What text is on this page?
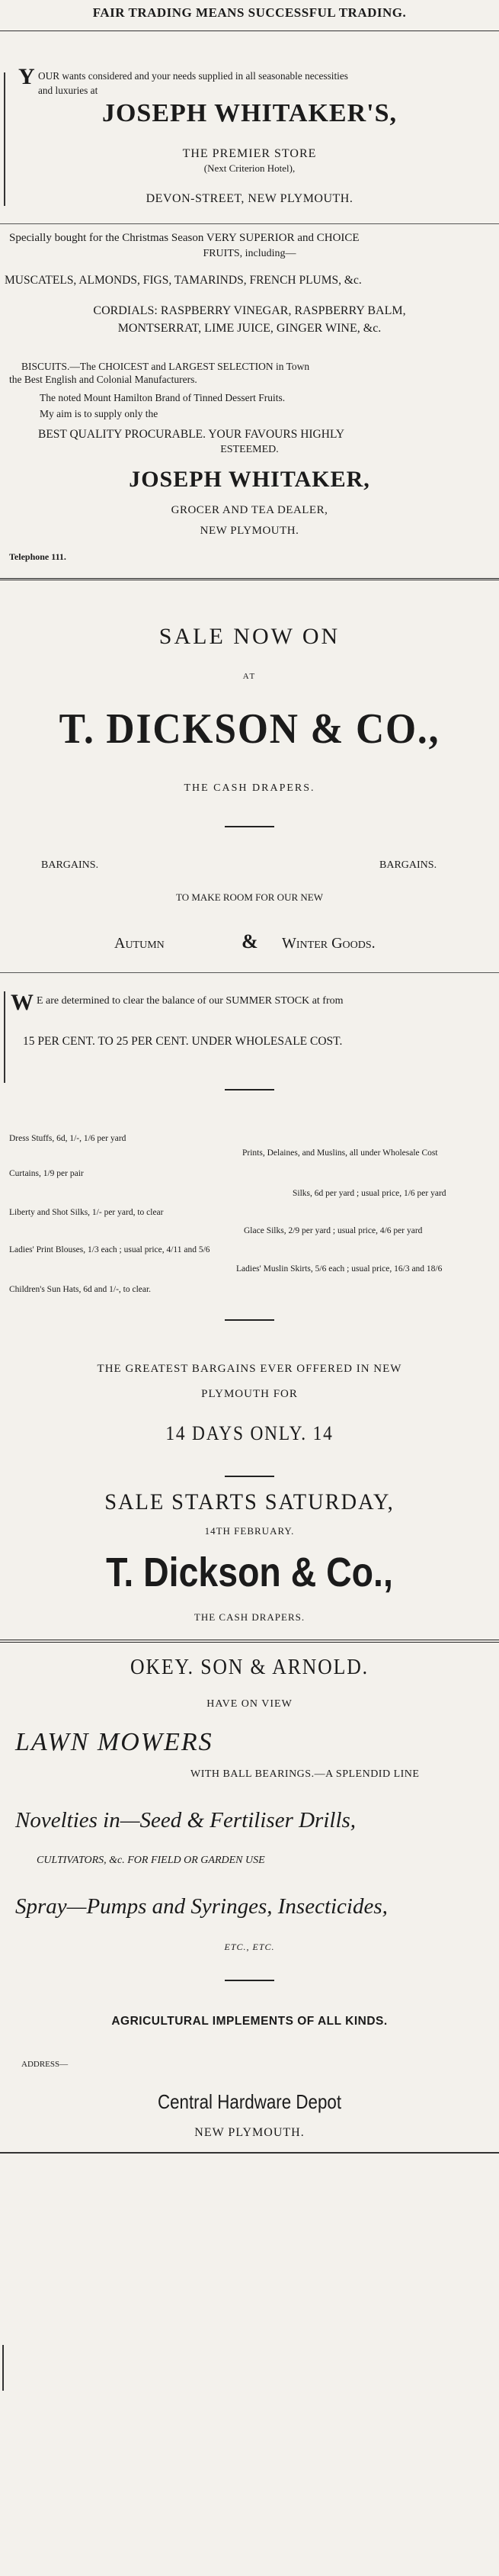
FAIR TRADING MEANS SUCCESSFUL TRADING.
Y OUR wants considered and your needs supplied in all seasonable necessities
and luxuries at
JOSEPH WHITAKER'S,
THE PREMIER STORE
(Next Criterion Hotel),
DEVON-STREET, NEW PLYMOUTH.
Specially bought for the Christmas Season VERY SUPERIOR and CHOICE
FRUITS, including—
MUSCATELS, ALMONDS, FIGS, TAMARINDS, FRENCH PLUMS, &c.
CORDIALS: RASPBERRY VINEGAR, RASPBERRY BALM,
MONTSERRAT, LIME JUICE, GINGER WINE, &c.
BISCUITS.—The CHOICEST and LARGEST SELECTION in Town
the Best English and Colonial Manufacturers.
The noted Mount Hamilton Brand of Tinned Dessert Fruits.
My aim is to supply only the
BEST QUALITY PROCURABLE. YOUR FAVOURS HIGHLY
ESTEEMED.
JOSEPH WHITAKER,
GROCER AND TEA DEALER,
NEW PLYMOUTH.
Telephone 111.
SALE NOW ON
AT
T. DICKSON & CO.,
THE CASH DRAPERS.
BARGAINS.	BARGAINS.
TO MAKE ROOM FOR OUR NEW
Autumn	& Winter Goods.
W E are determined to clear the balance of our SUMMER STOCK at from
15 PER CENT. TO 25 PER CENT. UNDER WHOLESALE COST.
Dress Stuffs, 6d, 1/-, 1/6 per yard
Prints, Delaines, and Muslins, all under Wholesale Cost
Curtains, 1/9 per pair
Silks, 6d per yard ; usual price, 1/6 per yard
Liberty and Shot Silks, 1/- per yard, to clear
Glace Silks, 2/9 per yard ; usual price, 4/6 per yard
Ladies' Print Blouses, 1/3 each ; usual price, 4/11 and 5/6
Ladies' Muslin Skirts, 5/6 each ; usual price, 16/3 and 18/6
Children's Sun Hats, 6d and 1/-, to clear.
THE GREATEST BARGAINS EVER OFFERED IN NEW
PLYMOUTH FOR
14 DAYS ONLY. 14
SALE STARTS SATURDAY,
14TH FEBRUARY.
T. Dickson & Co.,
THE CASH DRAPERS.
OKEY. SON & ARNOLD.
HAVE ON VIEW
LAWN MOWERS
WITH BALL BEARINGS.—A SPLENDID LINE
Novelties in—Seed & Fertiliser Drills,
CULTIVATORS, &c. FOR FIELD OR GARDEN USE
Spray—Pumps and Syringes, Insecticides,
ETC., ETC.
AGRICULTURAL IMPLEMENTS OF ALL KINDS.
ADDRESS—
Central Hardware Depot
NEW PLYMOUTH.
